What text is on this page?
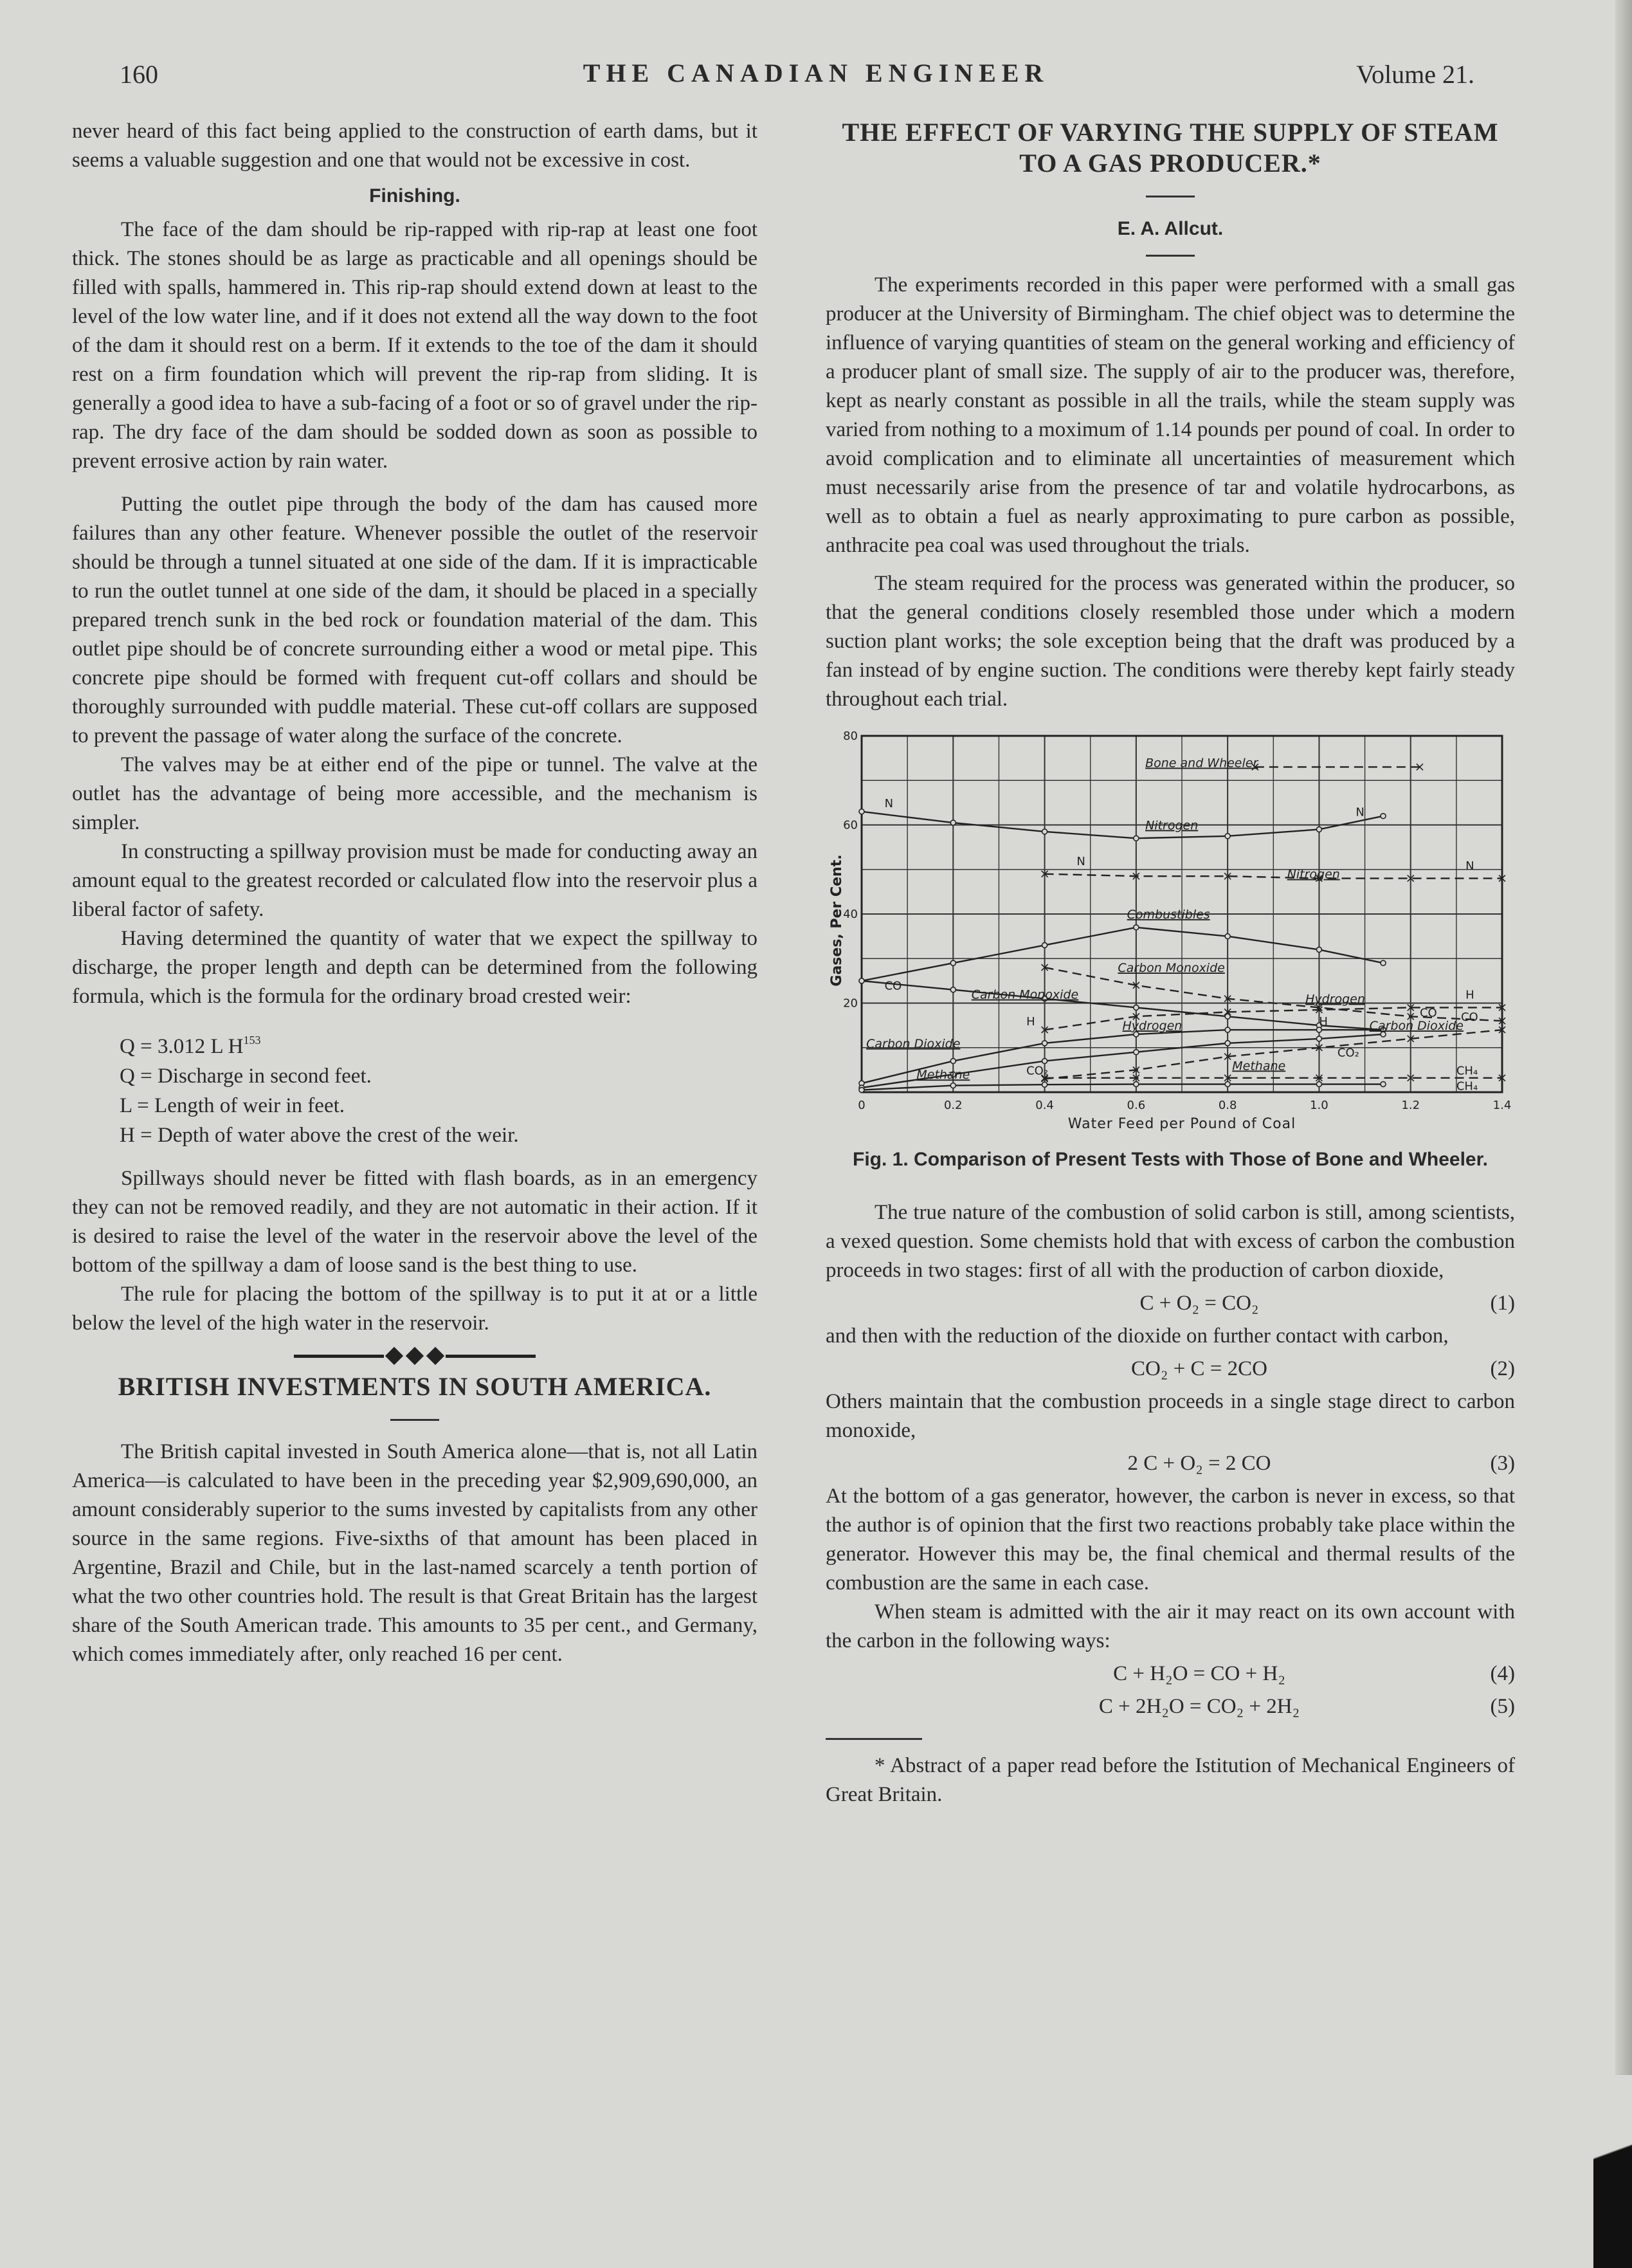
160	THE CANADIAN ENGINEER	Volume 21.

never heard of this fact being applied to the construction of earth dams, but it seems a valuable suggestion and one that would not be excessive in cost.

Finishing.

The face of the dam should be rip-rapped with rip-rap at least one foot thick. The stones should be as large as practicable and all openings should be filled with spalls, hammered in. This rip-rap should extend down at least to the level of the low water line, and if it does not extend all the way down to the foot of the dam it should rest on a berm. If it extends to the toe of the dam it should rest on a firm foundation which will prevent the rip-rap from sliding. It is generally a good idea to have a sub-facing of a foot or so of gravel under the rip-rap. The dry face of the dam should be sodded down as soon as possible to prevent errosive action by rain water.

Putting the outlet pipe through the body of the dam has caused more failures than any other feature. Whenever possible the outlet of the reservoir should be through a tunnel situated at one side of the dam. If it is impracticable to run the outlet tunnel at one side of the dam, it should be placed in a specially prepared trench sunk in the bed rock or foundation material of the dam. This outlet pipe should be of concrete surrounding either a wood or metal pipe. This concrete pipe should be formed with frequent cut-off collars and should be thoroughly surrounded with puddle material. These cut-off collars are supposed to prevent the passage of water along the surface of the concrete.

The valves may be at either end of the pipe or tunnel. The valve at the outlet has the advantage of being more accessible, and the mechanism is simpler.

In constructing a spillway provision must be made for conducting away an amount equal to the greatest recorded or calculated flow into the reservoir plus a liberal factor of safety.

Having determined the quantity of water that we expect the spillway to discharge, the proper length and depth can be determined from the following formula, which is the formula for the ordinary broad crested weir:

Q = 3.012 L $H^{153}$
Q = Discharge in second feet.
L = Length of weir in feet.
H = Depth of water above the crest of the weir.

Spillways should never be fitted with flash boards, as in an emergency they can not be removed readily, and they are not automatic in their action. If it is desired to raise the level of the water in the reservoir above the level of the bottom of the spillway a dam of loose sand is the best thing to use.

The rule for placing the bottom of the spillway is to put it at or a little below the level of the high water in the reservoir.

BRITISH INVESTMENTS IN SOUTH AMERICA.

The British capital invested in South America alone—that is, not all Latin America—is calculated to have been in the preceding year $2,909,690,000, an amount considerably superior to the sums invested by capitalists from any other source in the same regions. Five-sixths of that amount has been placed in Argentine, Brazil and Chile, but in the last-named scarcely a tenth portion of what the two other countries hold. The result is that Great Britain has the largest share of the South American trade. This amounts to 35 per cent., and Germany, which comes immediately after, only reached 16 per cent.

THE EFFECT OF VARYING THE SUPPLY OF STEAM TO A GAS PRODUCER.*
E. A. Allcut.

The experiments recorded in this paper were performed with a small gas producer at the University of Birmingham. The chief object was to determine the influence of varying quantities of steam on the general working and efficiency of a producer plant of small size. The supply of air to the producer was, therefore, kept as nearly constant as possible in all the trails, while the steam supply was varied from nothing to a moximum of 1.14 pounds per pound of coal. In order to avoid complication and to eliminate all uncertainties of measurement which must necessarily arise from the presence of tar and volatile hydrocarbons, as well as to obtain a fuel as nearly approximating to pure carbon as possible, anthracite pea coal was used throughout the trials.

The steam required for the process was generated within the producer, so that the general conditions closely resembled those under which a modern suction plant works; the sole exception being that the draft was produced by a fan instead of by engine suction. The conditions were thereby kept fairly steady throughout each trial.

0	0.2	0.4	0.6	0.8	1.0	1.2	1.4
20
40
60
80
Water Feed per Pound of Coal
Gases, Per Cent.
Nitrogen
Nitrogen
Bone and Wheeler
Combustibles
Carbon Monoxide
Carbon Monoxide
Hydrogen
Hydrogen
Carbon Dioxide
Carbon Dioxide
Methane
Methane
N
N
N	N
CO
CO CO
H	H
H
CO₂
CO₂
CH₄
CH₄
Fig. 1. Comparison of Present Tests with Those of Bone and Wheeler.

The true nature of the combustion of solid carbon is still, among scientists, a vexed question. Some chemists hold that with excess of carbon the combustion proceeds in two stages: first of all with the production of carbon dioxide,

C + O₂ = CO₂	(1)

and then with the reduction of the dioxide on further contact with carbon,

CO₂ + C = 2CO	(2)

Others maintain that the combustion proceeds in a single stage direct to carbon monoxide,

2 C + O₂ = 2 CO	(3)

At the bottom of a gas generator, however, the carbon is never in excess, so that the author is of opinion that the first two reactions probably take place within the generator. However this may be, the final chemical and thermal results of the combustion are the same in each case.

When steam is admitted with the air it may react on its own account with the carbon in the following ways:

C + H₂O = CO + H₂	(4)
C + 2H₂O = CO₂ + 2H₂	(5)

* Abstract of a paper read before the Istitution of Mechanical Engineers of Great Britain.
